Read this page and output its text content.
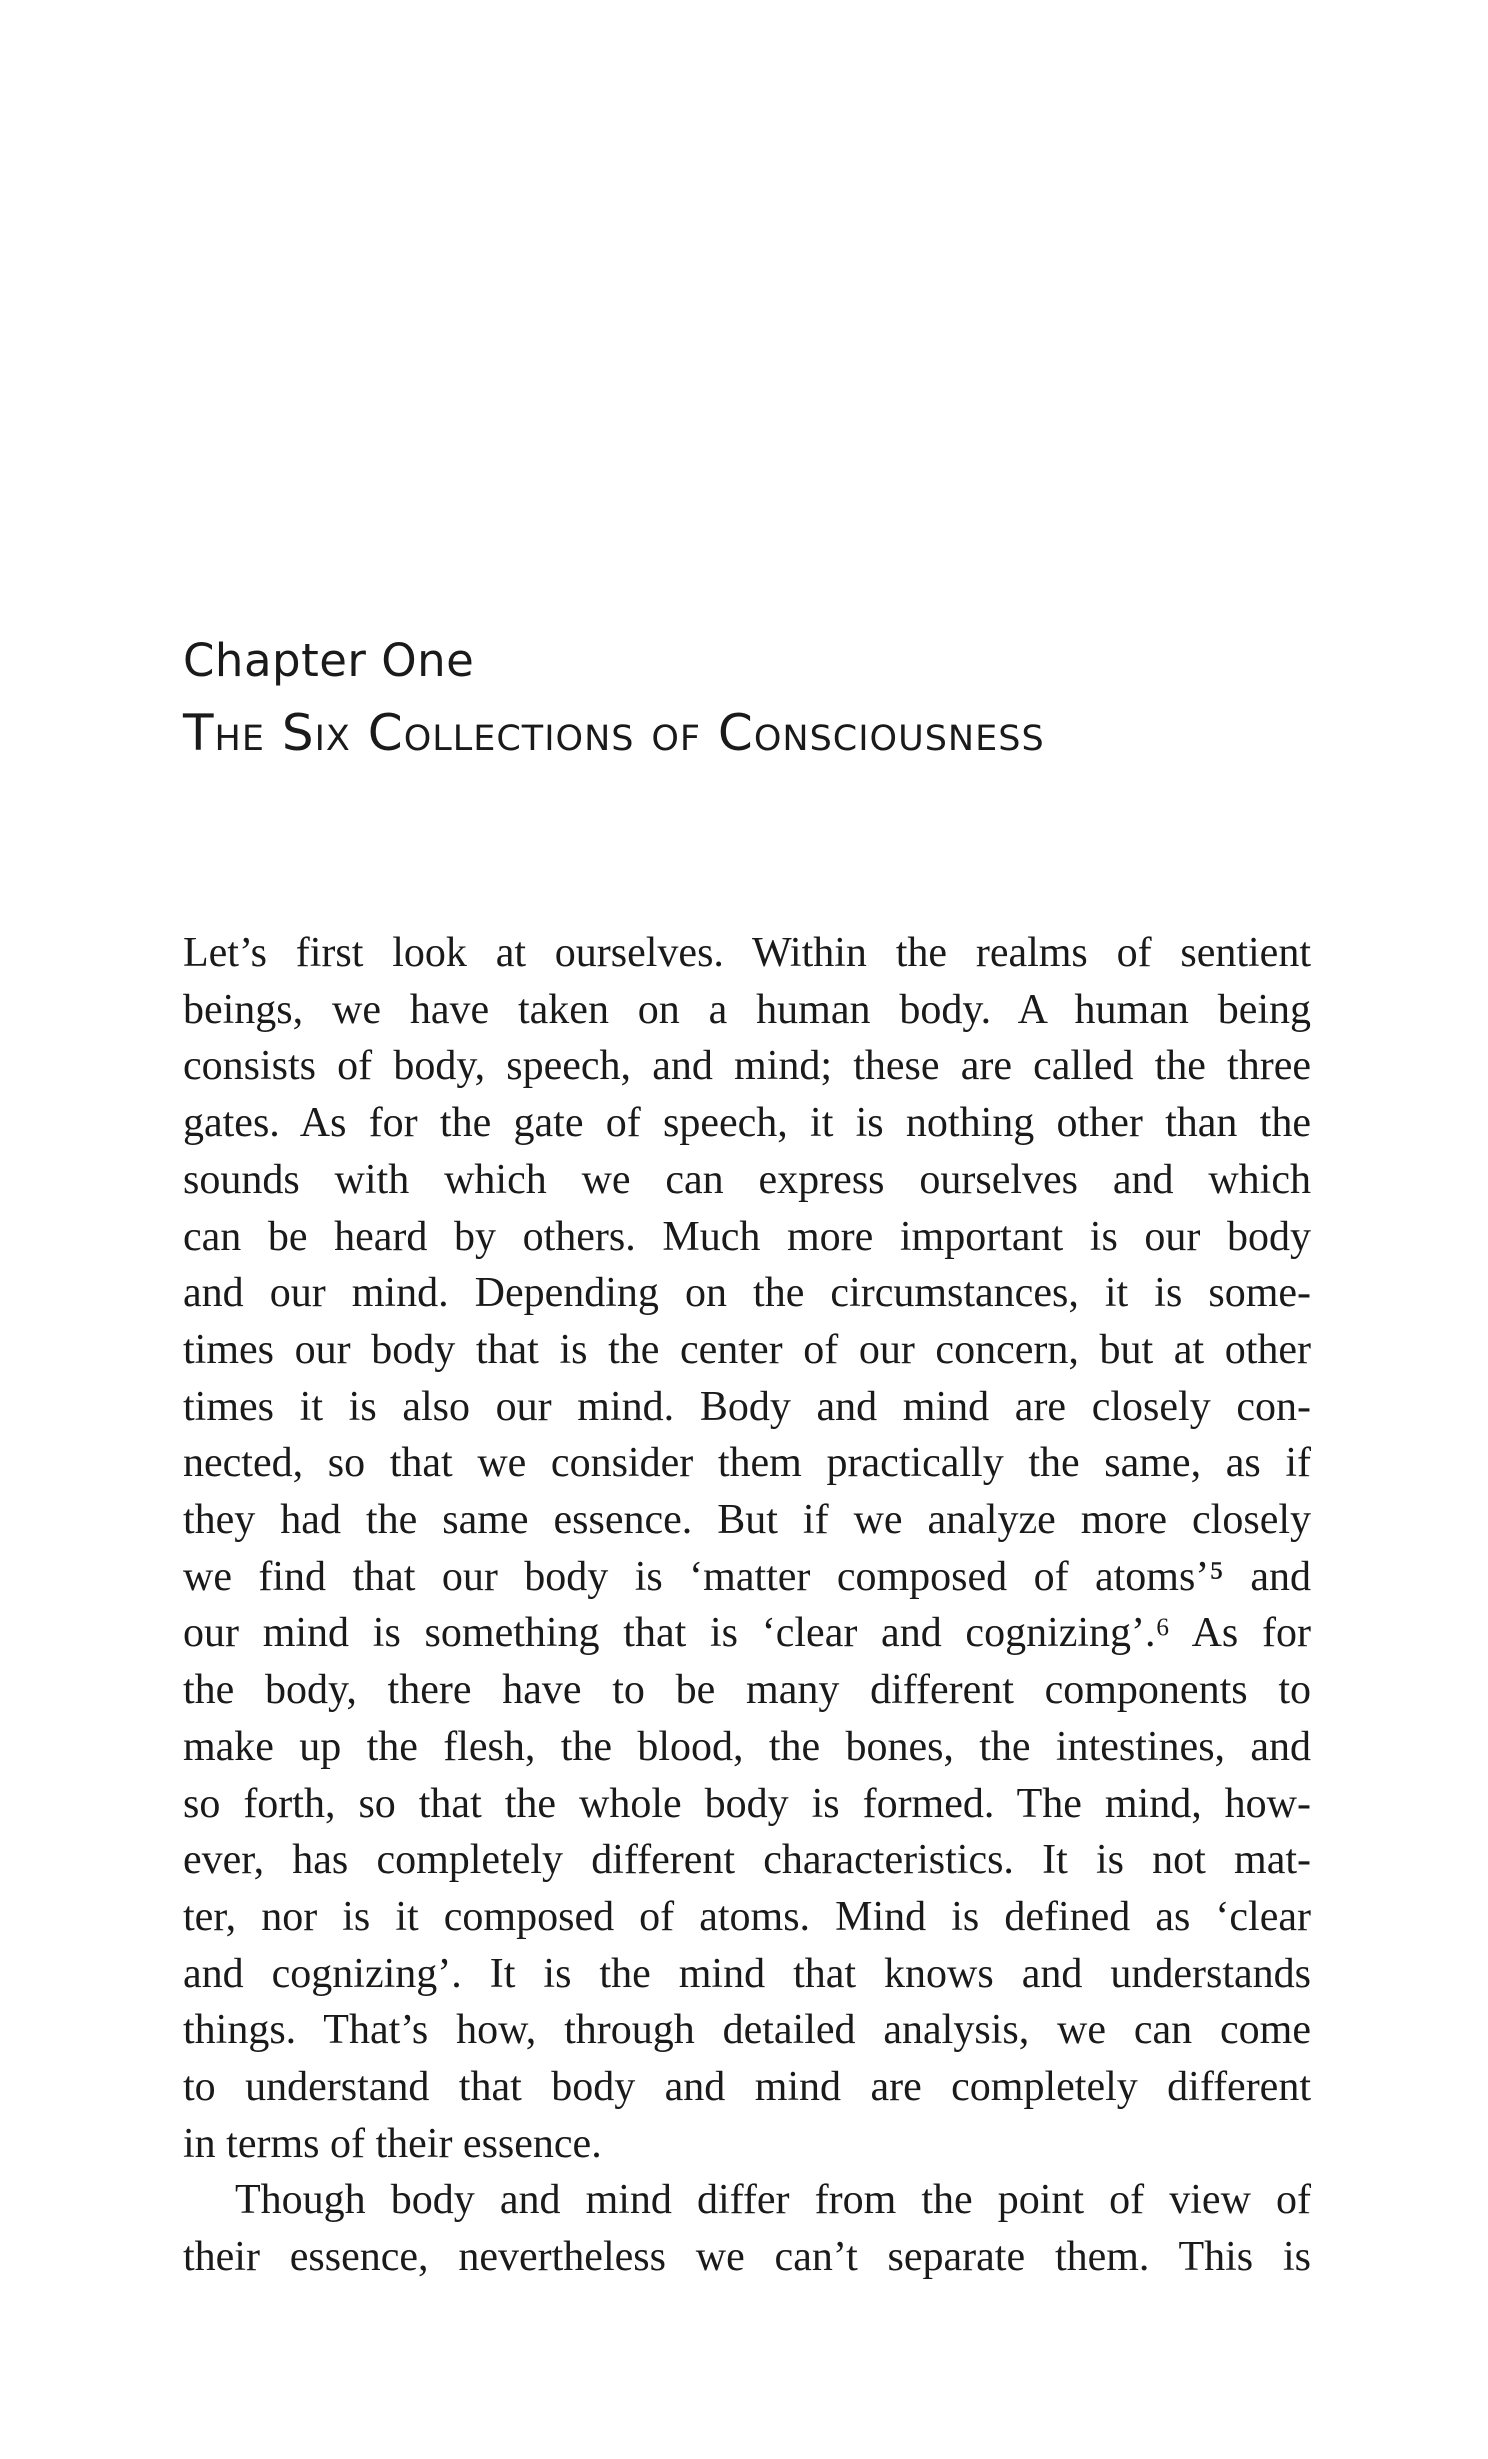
Chapter One
The Six Collections of Consciousness

Let’s first look at ourselves. Within the realms of sentient
beings, we have taken on a human body. A human being
consists of body, speech, and mind; these are called the three
gates. As for the gate of speech, it is nothing other than the
sounds with which we can express ourselves and which
can be heard by others. Much more important is our body
and our mind. Depending on the circumstances, it is some-
times our body that is the center of our concern, but at other
times it is also our mind. Body and mind are closely con-
nected, so that we consider them practically the same, as if
they had the same essence. But if we analyze more closely
we find that our body is ‘matter composed of atoms’⁵ and
our mind is something that is ‘clear and cognizing’.⁶ As for
the body, there have to be many different components to
make up the flesh, the blood, the bones, the intestines, and
so forth, so that the whole body is formed. The mind, how-
ever, has completely different characteristics. It is not mat-
ter, nor is it composed of atoms. Mind is defined as ‘clear
and cognizing’. It is the mind that knows and understands
things. That’s how, through detailed analysis, we can come
to understand that body and mind are completely different
in terms of their essence.

Though body and mind differ from the point of view of
their essence, nevertheless we can’t separate them. This is
